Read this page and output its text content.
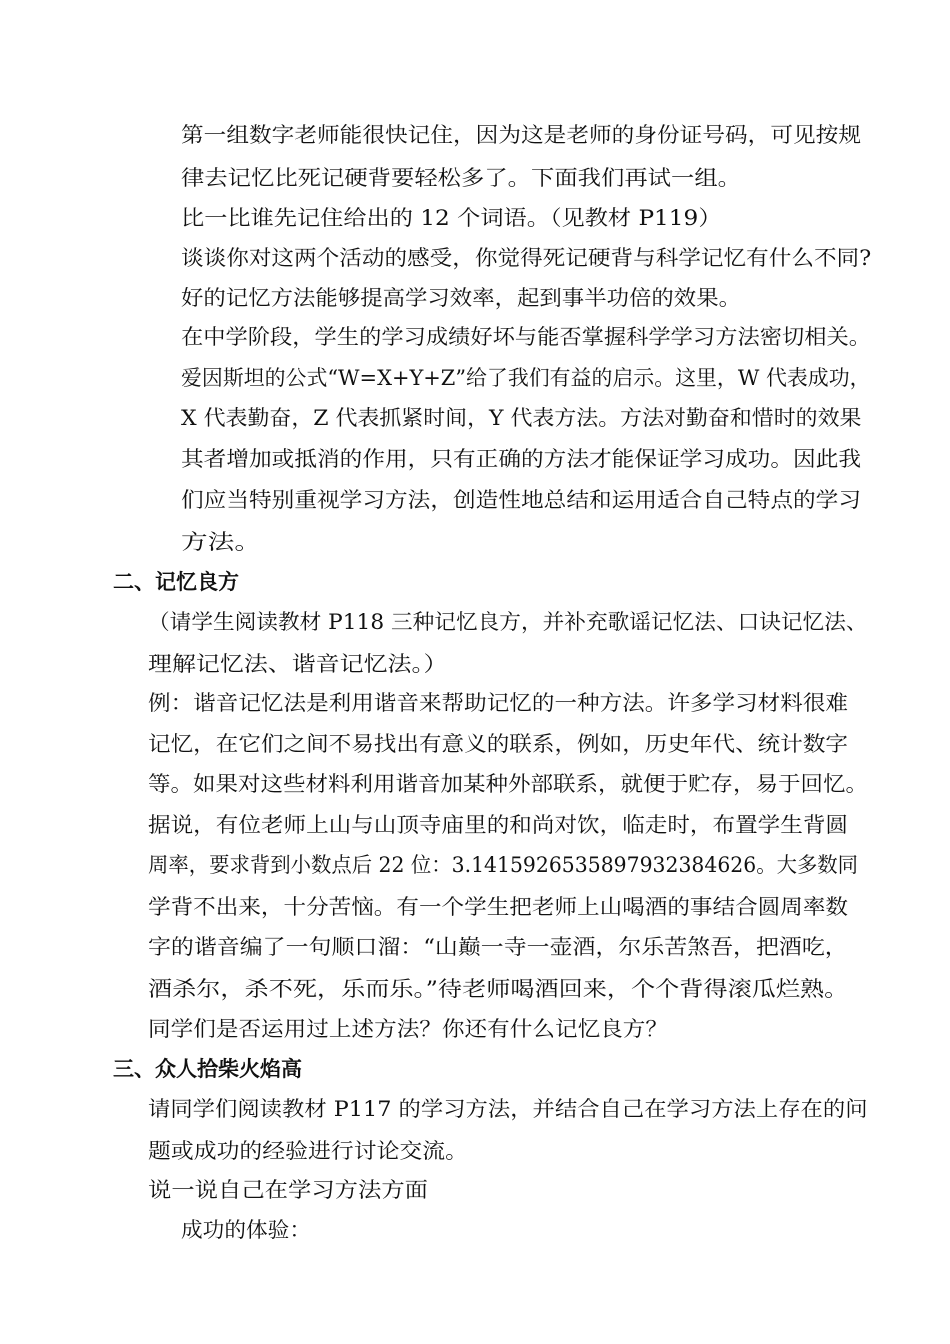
第一组数字老师能很快记住，因为这是老师的身份证号码，可见按规
律去记忆比死记硬背要轻松多了。下面我们再试一组。
比一比谁先记住给出的 12 个词语。（见教材 P119）
谈谈你对这两个活动的感受，你觉得死记硬背与科学记忆有什么不同?
好的记忆方法能够提高学习效率，起到事半功倍的效果。
在中学阶段，学生的学习成绩好坏与能否掌握科学学习方法密切相关。
爱因斯坦的公式“W=X+Y+Z”给了我们有益的启示。这里，W 代表成功，
X 代表勤奋，Z 代表抓紧时间，Y 代表方法。方法对勤奋和惜时的效果
其者增加或抵消的作用，只有正确的方法才能保证学习成功。因此我
们应当特别重视学习方法，创造性地总结和运用适合自己特点的学习
方法。
二、记忆良方
（请学生阅读教材 P118 三种记忆良方，并补充歌谣记忆法、口诀记忆法、
理解记忆法、谐音记忆法。）
例：谐音记忆法是利用谐音来帮助记忆的一种方法。许多学习材料很难
记忆，在它们之间不易找出有意义的联系，例如，历史年代、统计数字
等。如果对这些材料利用谐音加某种外部联系，就便于贮存，易于回忆。
据说，有位老师上山与山顶寺庙里的和尚对饮，临走时，布置学生背圆
周率，要求背到小数点后 22 位：3.1415926535897932384626。大多数同
学背不出来，十分苦恼。有一个学生把老师上山喝酒的事结合圆周率数
字的谐音编了一句顺口溜：“山巅一寺一壶酒，尔乐苦煞吾，把酒吃，
酒杀尔，杀不死，乐而乐。”待老师喝酒回来，个个背得滚瓜烂熟。
同学们是否运用过上述方法？你还有什么记忆良方？
三、众人拾柴火焰高
请同学们阅读教材 P117 的学习方法，并结合自己在学习方法上存在的问
题或成功的经验进行讨论交流。
说一说自己在学习方法方面
成功的体验：
